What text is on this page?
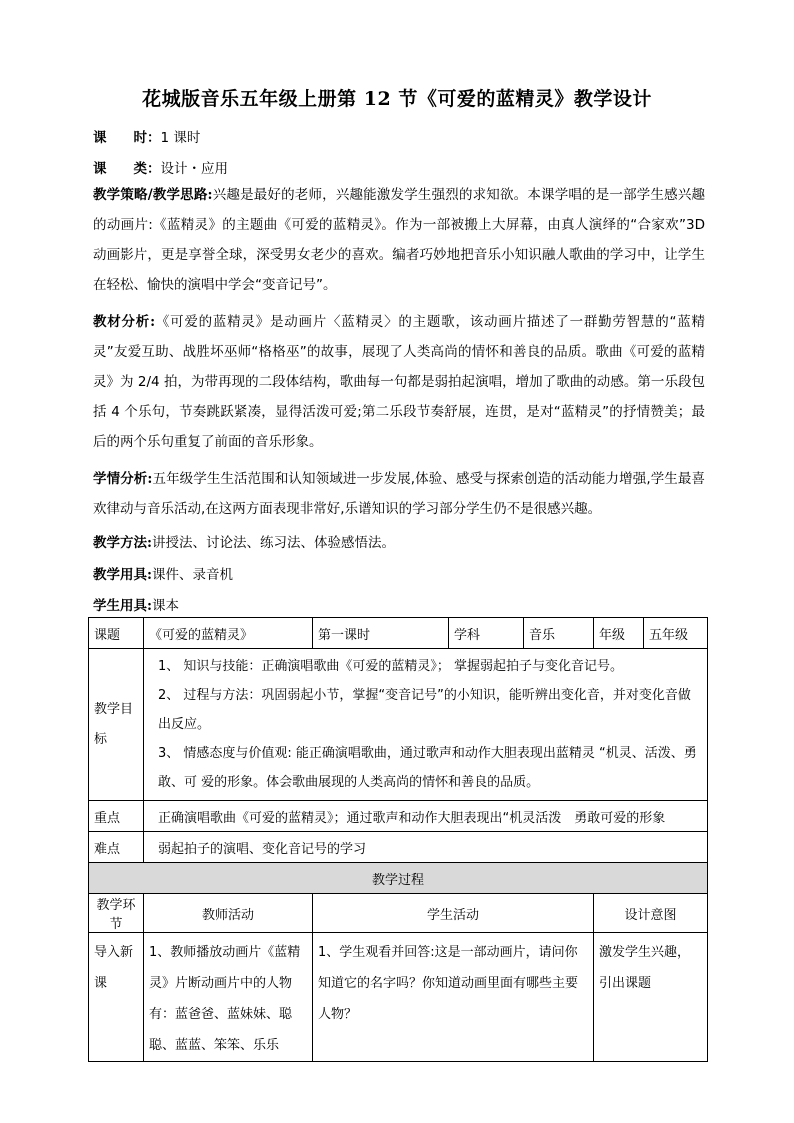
花城版音乐五年级上册第 12 节《可爱的蓝精灵》教学设计
课　　时：1 课时
课　　类：设计・应用
教学策略/教学思路:兴趣是最好的老师，兴趣能激发学生强烈的求知欲。本课学唱的是一部学生感兴趣的动画片:《蓝精灵》的主题曲《可爱的蓝精灵》。作为一部被搬上大屏幕，由真人演绎的“合家欢”3D 动画影片，更是享誉全球，深受男女老少的喜欢。编者巧妙地把音乐小知识融人歌曲的学习中，让学生在轻松、愉快的演唱中学会“变音记号”。
教材分析:《可爱的蓝精灵》是动画片〈蓝精灵〉的主题歌，该动画片描述了一群勤劳智慧的“蓝精灵”友爱互助、战胜坏巫师“格格巫”的故事，展现了人类高尚的情怀和善良的品质。歌曲《可爱的蓝精灵》为 2/4 拍，为带再现的二段体结构，歌曲每一句都是弱拍起演唱，增加了歌曲的动感。第一乐段包括 4 个乐句，节奏跳跃紧凑，显得活泼可爱;第二乐段节奏舒展，连贯，是对“蓝精灵”的抒情赞美；最后的两个乐句重复了前面的音乐形象。
学情分析:五年级学生生活范围和认知领域进一步发展,体验、感受与探索创造的活动能力增强,学生最喜欢律动与音乐活动,在这两方面表现非常好,乐谱知识的学习部分学生仍不是很感兴趣。
教学方法:讲授法、讨论法、练习法、体验感悟法。
教学用具:课件、录音机
学生用具:课本
课题	《可爱的蓝精灵》	第一课时	学科	音乐	年级	五年级
教学目标	1、 知识与技能：正确演唱歌曲《可爱的蓝精灵》； 掌握弱起拍子与变化音记号。
2、 过程与方法：巩固弱起小节，掌握“变音记号”的小知识，能听辨出变化音，并对变化音做出反应。
3、 情感态度与价值观: 能正确演唱歌曲，通过歌声和动作大胆表现出蓝精灵 “机灵、活泼、勇敢、可 爱的形象。体会歌曲展现的人类高尚的情怀和善良的品质。					

重点	正确演唱歌曲《可爱的蓝精灵》；通过歌声和动作大胆表现出“机灵活泼　勇敢可爱的形象					
难点	弱起拍子的演唱、变化音记号的学习					
教学过程						
教学环节	教师活动	学生活动			设计意图	
导入新课	1、教师播放动画片《蓝精灵》片断动画片中的人物有：蓝爸爸、蓝妹妹、聪聪、蓝蓝、笨笨、乐乐	1、学生观看并回答:这是一部动画片，请问你知道它的名字吗？你知道动画里面有哪些主要人物？			激发学生兴趣，引出课题	
